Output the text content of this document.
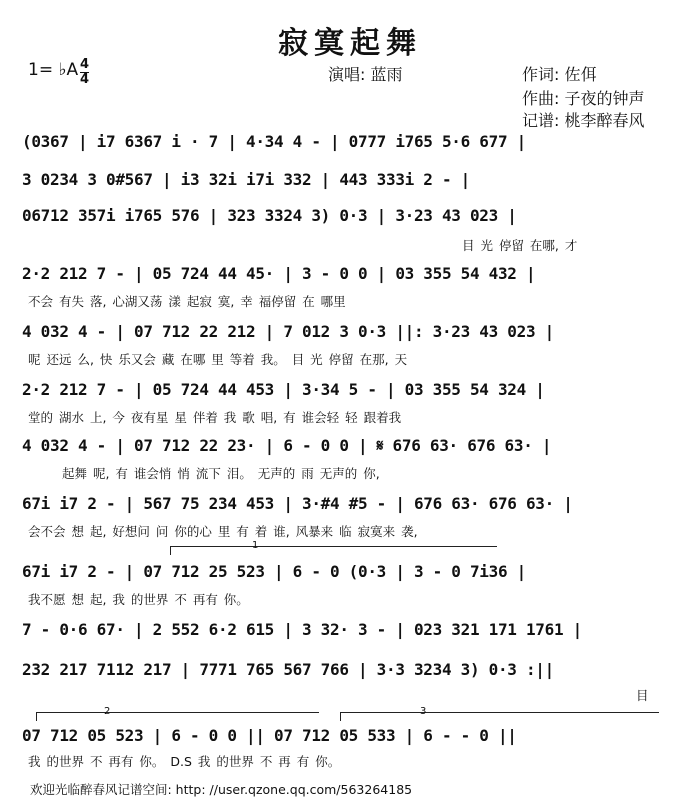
寂寞起舞
1= ♭A 4
4	演唱: 蓝雨	作词: 佐佴
作曲: 子夜的钟声
记谱: 桃李醉春风
(0367 | i7 6367 i · 7 | 4·34 4 - | 0777 i765 5·6 677 |
3 0234 3 0#567 | i3 32i i7i 332 | 443 333i 2 - |
06712 357i i765 576 | 323 3324 3) 0·3 | 3·23 43 023 |
目 光 停留 在哪, 才
2·2 212 7 - | 05 724 44 45· | 3 - 0 0 | 03 355 54 432 |
不会 有失 落, 心湖又荡 漾 起寂 寞, 幸 福停留 在 哪里
4 032 4 - | 07 712 22 212 | 7 012 3 0·3 ||: 3·23 43 023 |
呢 还远 么, 快 乐又会 藏 在哪 里 等着 我。 目 光 停留 在那, 天
2·2 212 7 - | 05 724 44 453 | 3·34 5 - | 03 355 54 324 |
堂的 湖水 上, 今 夜有星 星 伴着 我 歌 唱, 有 谁会轻 轻 跟着我
4 032 4 - | 07 712 22 23· | 6 - 0 0 | 𝄋 676 63· 676 63· |
起舞 呢, 有 谁会悄 悄 流下 泪。 无声的 雨 无声的 你,
67i i7 2 - | 567 75 234 453 | 3·#4 #5 - | 676 63· 676 63· |
会不会 想 起, 好想问 问 你的心 里 有 着 谁, 风暴来 临 寂寞来 袭,
1
67i i7 2 - | 07 712 25 523 | 6 - 0 (0·3 | 3 - 0 7i36 |
我不愿 想 起, 我 的世界 不 再有 你。
7 - 0·6 67· | 2 552 6·2 615 | 3 32· 3 - | 023 321 171 1761 |
232 217 7112 217 | 7771 765 567 766 | 3·3 3234 3) 0·3 :||
目
2	3
07 712 05 523 | 6 - 0 0 || 07 712 05 533 | 6 - - 0 ||
我 的世界 不 再有 你。 D.S 我 的世界 不 再 有 你。
欢迎光临醉春风记谱空间: http: //user.qzone.qq.com/563264185
